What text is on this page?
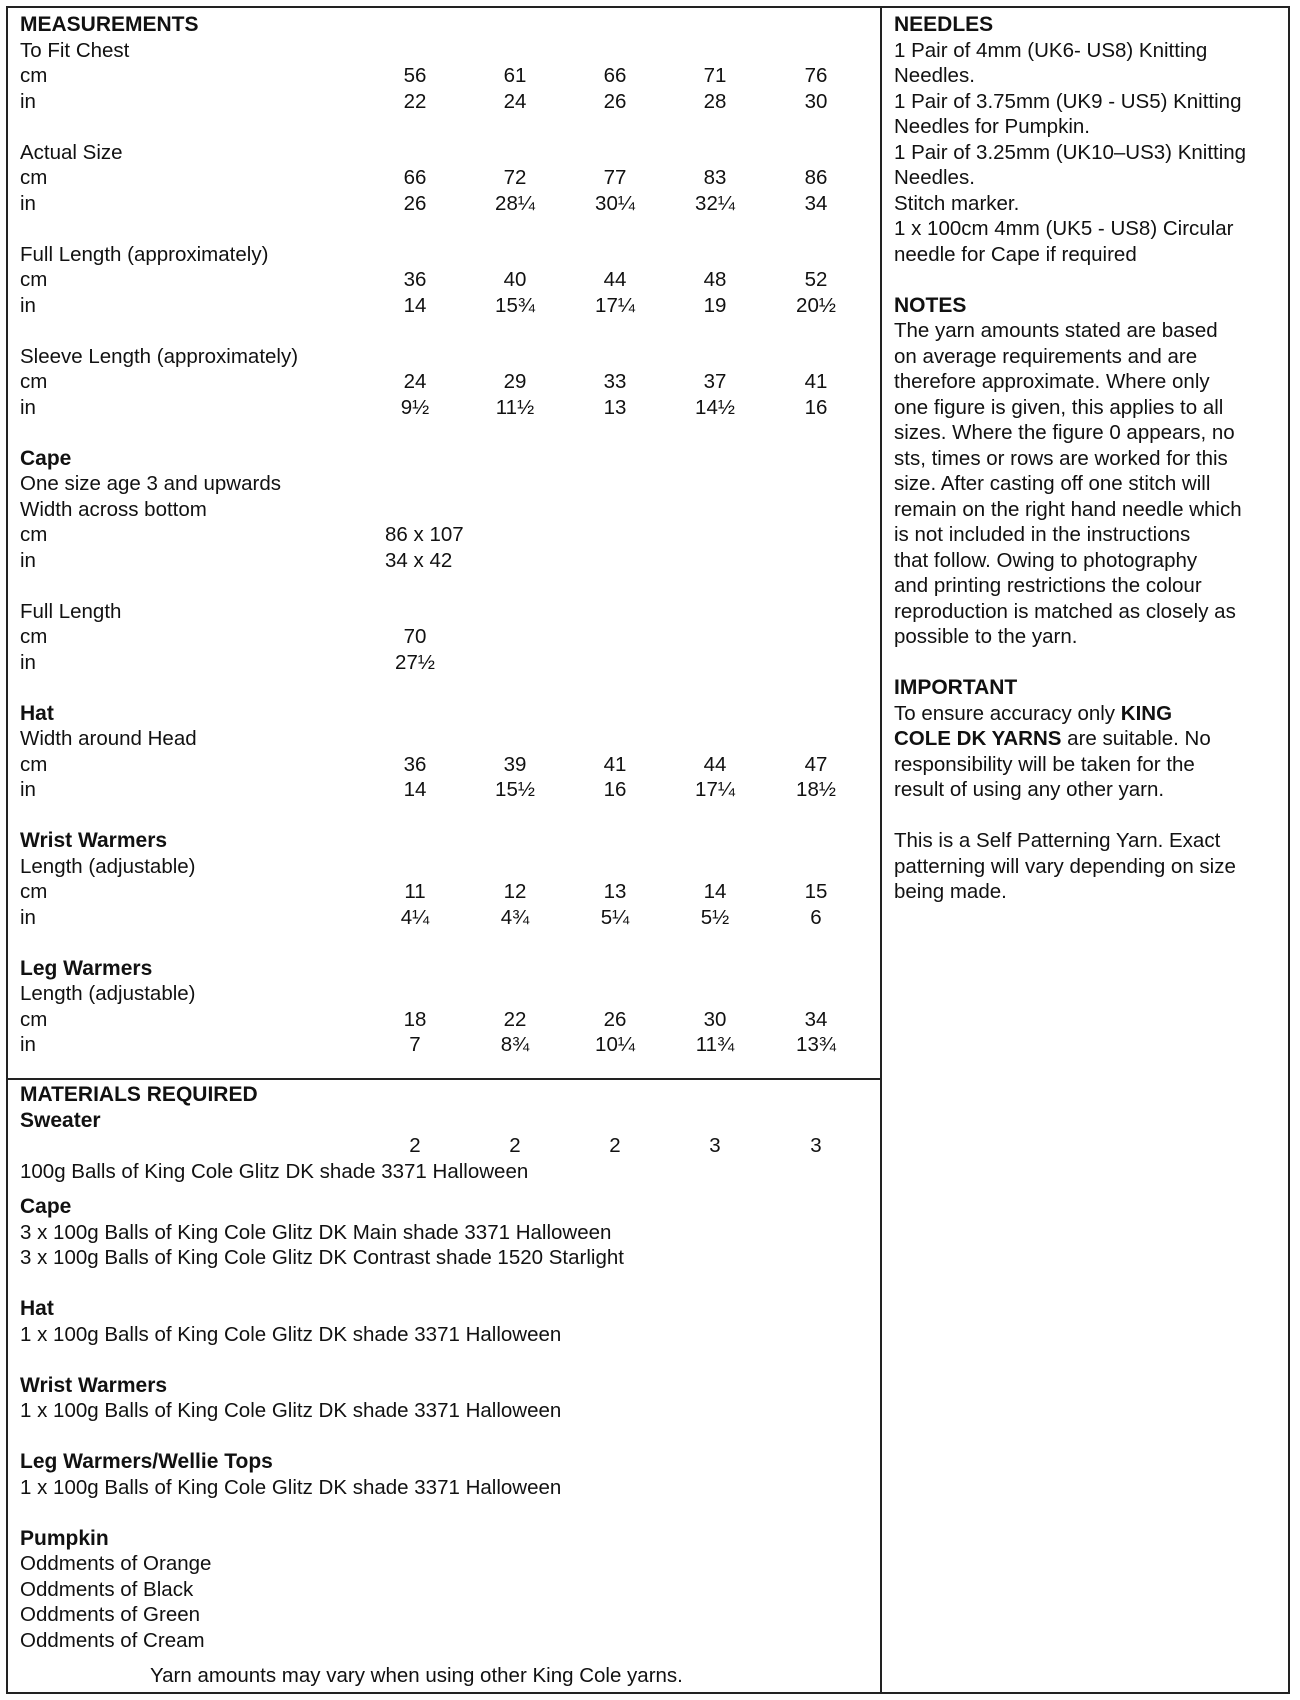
MEASUREMENTS
To Fit Chest
cm	56	61	66	71	76
in	22	24	26	28	30
Actual Size
cm	66	72	77	83	86
in	26	28¼	30¼	32¼	34
Full Length (approximately)
cm	36	40	44	48	52
in	14	15¾	17¼	19	20½
Sleeve Length (approximately)
cm	24	29	33	37	41
in	9½	11½	13	14½	16
Cape
One size age 3 and upwards
Width across bottom
cm	86 x 107
in	34 x 42
Full Length
cm	70
in	27½
Hat
Width around Head
cm	36	39	41	44	47
in	14	15½	16	17¼	18½
Wrist Warmers
Length (adjustable)
cm	11	12	13	14	15
in	4¼	4¾	5¼	5½	6
Leg Warmers
Length (adjustable)
cm	18	22	26	30	34
in	7	8¾	10¼	11¾	13¾
MATERIALS REQUIRED
Sweater
2	2	2	3	3
100g Balls of King Cole Glitz DK shade 3371 Halloween
Cape
3 x 100g Balls of King Cole Glitz DK Main shade 3371 Halloween
3 x 100g Balls of King Cole Glitz DK Contrast shade 1520 Starlight
Hat
1 x 100g Balls of King Cole Glitz DK shade 3371 Halloween
Wrist Warmers
1 x 100g Balls of King Cole Glitz DK shade 3371 Halloween
Leg Warmers/Wellie Tops
1 x 100g Balls of King Cole Glitz DK shade 3371 Halloween
Pumpkin
Oddments of Orange
Oddments of Black
Oddments of Green
Oddments of Cream
Yarn amounts may vary when using other King Cole yarns.
NEEDLES
1 Pair of 4mm (UK6- US8) Knitting
Needles.
1 Pair of 3.75mm (UK9 - US5) Knitting
Needles for Pumpkin.
1 Pair of 3.25mm (UK10–US3) Knitting
Needles.
Stitch marker.
1 x 100cm 4mm (UK5 - US8) Circular
needle for Cape if required
NOTES
The yarn amounts stated are based
on average requirements and are
therefore approximate. Where only
one figure is given, this applies to all
sizes. Where the figure 0 appears, no
sts, times or rows are worked for this
size. After casting off one stitch will
remain on the right hand needle which
is not included in the instructions
that follow. Owing to photography
and printing restrictions the colour
reproduction is matched as closely as
possible to the yarn.
IMPORTANT
To ensure accuracy only KING
COLE DK YARNS are suitable. No
responsibility will be taken for the
result of using any other yarn.
This is a Self Patterning Yarn. Exact
patterning will vary depending on size
being made.
